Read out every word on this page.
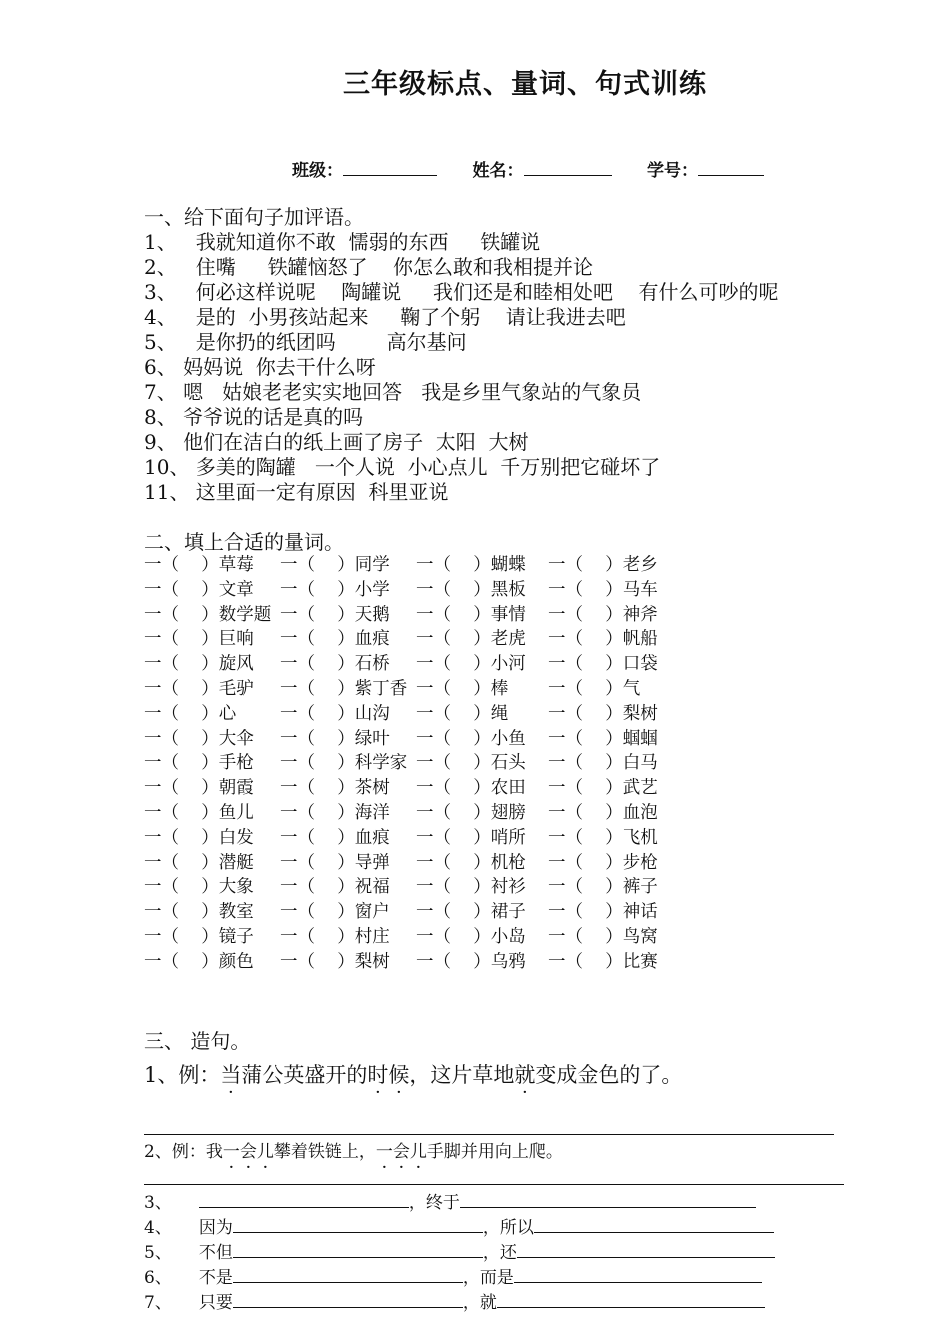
三年级标点、量词、句式训练
班级：	姓名：	学号：
一、给下面句子加评语。
1、   我就知道你不敢  懦弱的东西     铁罐说
2、   住嘴     铁罐恼怒了    你怎么敢和我相提并论
3、   何必这样说呢    陶罐说     我们还是和睦相处吧    有什么可吵的呢
4、   是的  小男孩站起来     鞠了个躬    请让我进去吧
5、   是你扔的纸团吗        高尔基问
6、 妈妈说  你去干什么呀
7、 嗯   姑娘老老实实地回答   我是乡里气象站的气象员
8、 爷爷说的话是真的吗
9、 他们在洁白的纸上画了房子  太阳  大树
10、 多美的陶罐   一个人说  小心点儿  千万别把它碰坏了
11、 这里面一定有原因  科里亚说
二、填上合适的量词。
一（    ）草莓 一（    ）同学 一（    ）蝴蝶 一（    ）老乡
一（    ）文章 一（    ）小学 一（    ）黑板 一（    ）马车
一（    ）数学题 一（    ）天鹅 一（    ）事情 一（    ）神斧
一（    ）巨响 一（    ）血痕 一（    ）老虎 一（    ）帆船
一（    ）旋风 一（    ）石桥 一（    ）小河 一（    ）口袋
一（    ）毛驴 一（    ）紫丁香 一（    ）棒 一（    ）气
一（    ）心 一（    ）山沟 一（    ）绳 一（    ）梨树
一（    ）大伞 一（    ）绿叶 一（    ）小鱼 一（    ）蝈蝈
一（    ）手枪 一（    ）科学家 一（    ）石头 一（    ）白马
一（    ）朝霞 一（    ）茶树 一（    ）农田 一（    ）武艺
一（    ）鱼儿 一（    ）海洋 一（    ）翅膀 一（    ）血泡
一（    ）白发 一（    ）血痕 一（    ）哨所 一（    ）飞机
一（    ）潜艇 一（    ）导弹 一（    ）机枪 一（    ）步枪
一（    ）大象 一（    ）祝福 一（    ）衬衫 一（    ）裤子
一（    ）教室 一（    ）窗户 一（    ）裙子 一（    ）神话
一（    ）镜子 一（    ）村庄 一（    ）小岛 一（    ）鸟窝
一（    ）颜色 一（    ）梨树 一（    ）乌鸦 一（    ）比赛
三、 造句。
1、例：当蒲公英盛开的时候，这片草地就变成金色的了。
2、例：我一会儿攀着铁链上，一会儿手脚并用向上爬。
3、	，终于
4、 因为	，所以
5、 不但	，还
6、 不是	，而是
7、 只要	，就
